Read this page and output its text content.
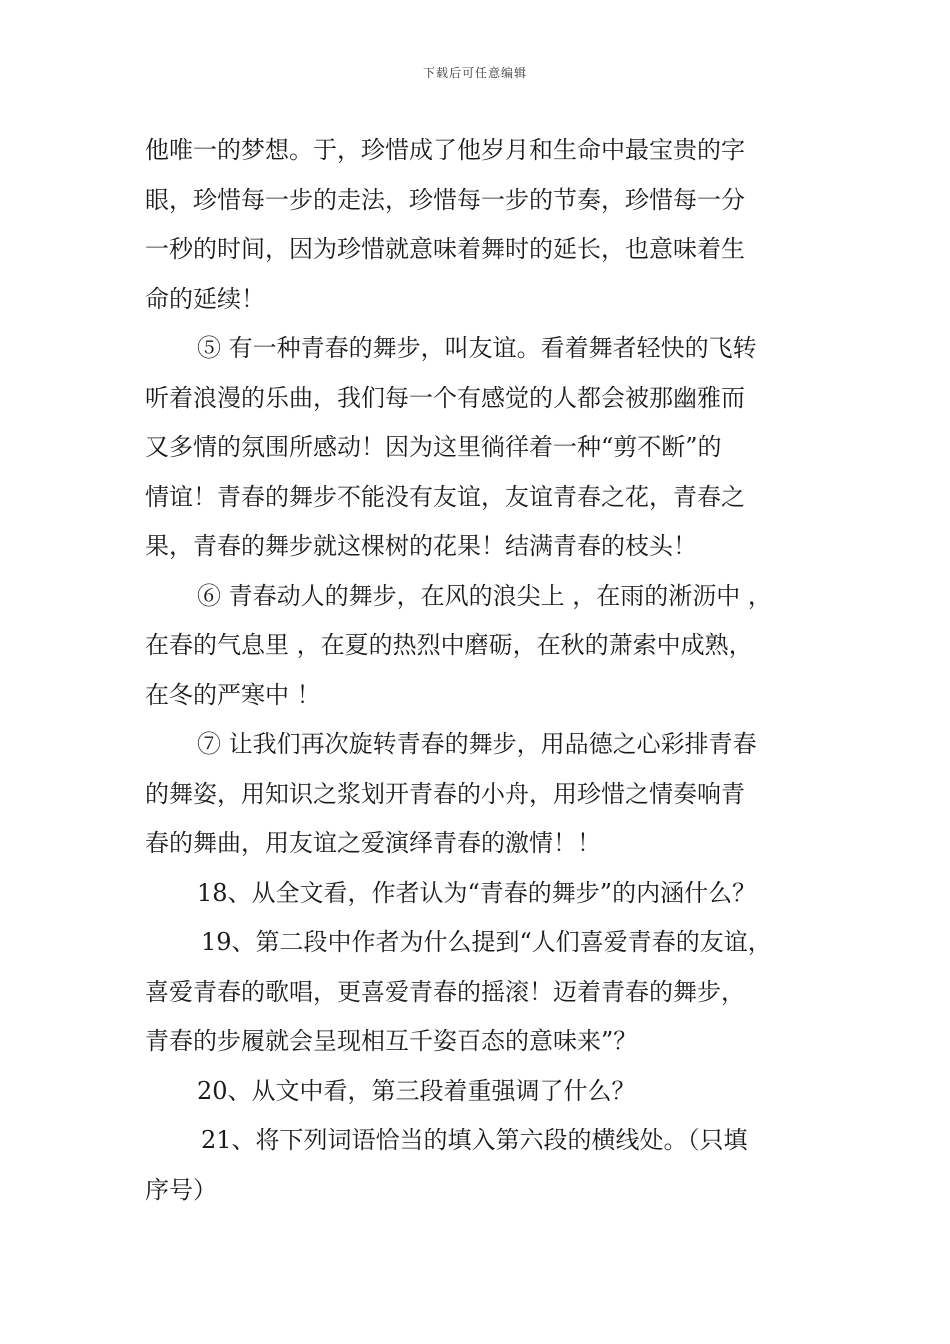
下载后可任意编辑
他唯一的梦想。于，珍惜成了他岁月和生命中最宝贵的字
眼，珍惜每一步的走法，珍惜每一步的节奏，珍惜每一分
一秒的时间，因为珍惜就意味着舞时的延长，也意味着生
命的延续！
⑤ 有一种青春的舞步，叫友谊。看着舞者轻快的飞转
听着浪漫的乐曲，我们每一个有感觉的人都会被那幽雅而
又多情的氛围所感动！因为这里徜徉着一种“剪不断”的
情谊！青春的舞步不能没有友谊，友谊青春之花，青春之
果，青春的舞步就这棵树的花果！结满青春的枝头！
⑥ 青春动人的舞步，在风的浪尖上 ，在雨的淅沥中 ，
在春的气息里 ，在夏的热烈中磨砺，在秋的萧索中成熟，
在冬的严寒中 ！
⑦ 让我们再次旋转青春的舞步，用品德之心彩排青春
的舞姿，用知识之浆划开青春的小舟，用珍惜之情奏响青
春的舞曲，用友谊之爱演绎青春的激情！！
18、从全文看，作者认为“青春的舞步”的内涵什么？
19、第二段中作者为什么提到“人们喜爱青春的友谊，
喜爱青春的歌唱，更喜爱青春的摇滚！迈着青春的舞步，
青春的步履就会呈现相互千姿百态的意味来”？
20、从文中看，第三段着重强调了什么？
21、将下列词语恰当的填入第六段的横线处。（只填
序号）
